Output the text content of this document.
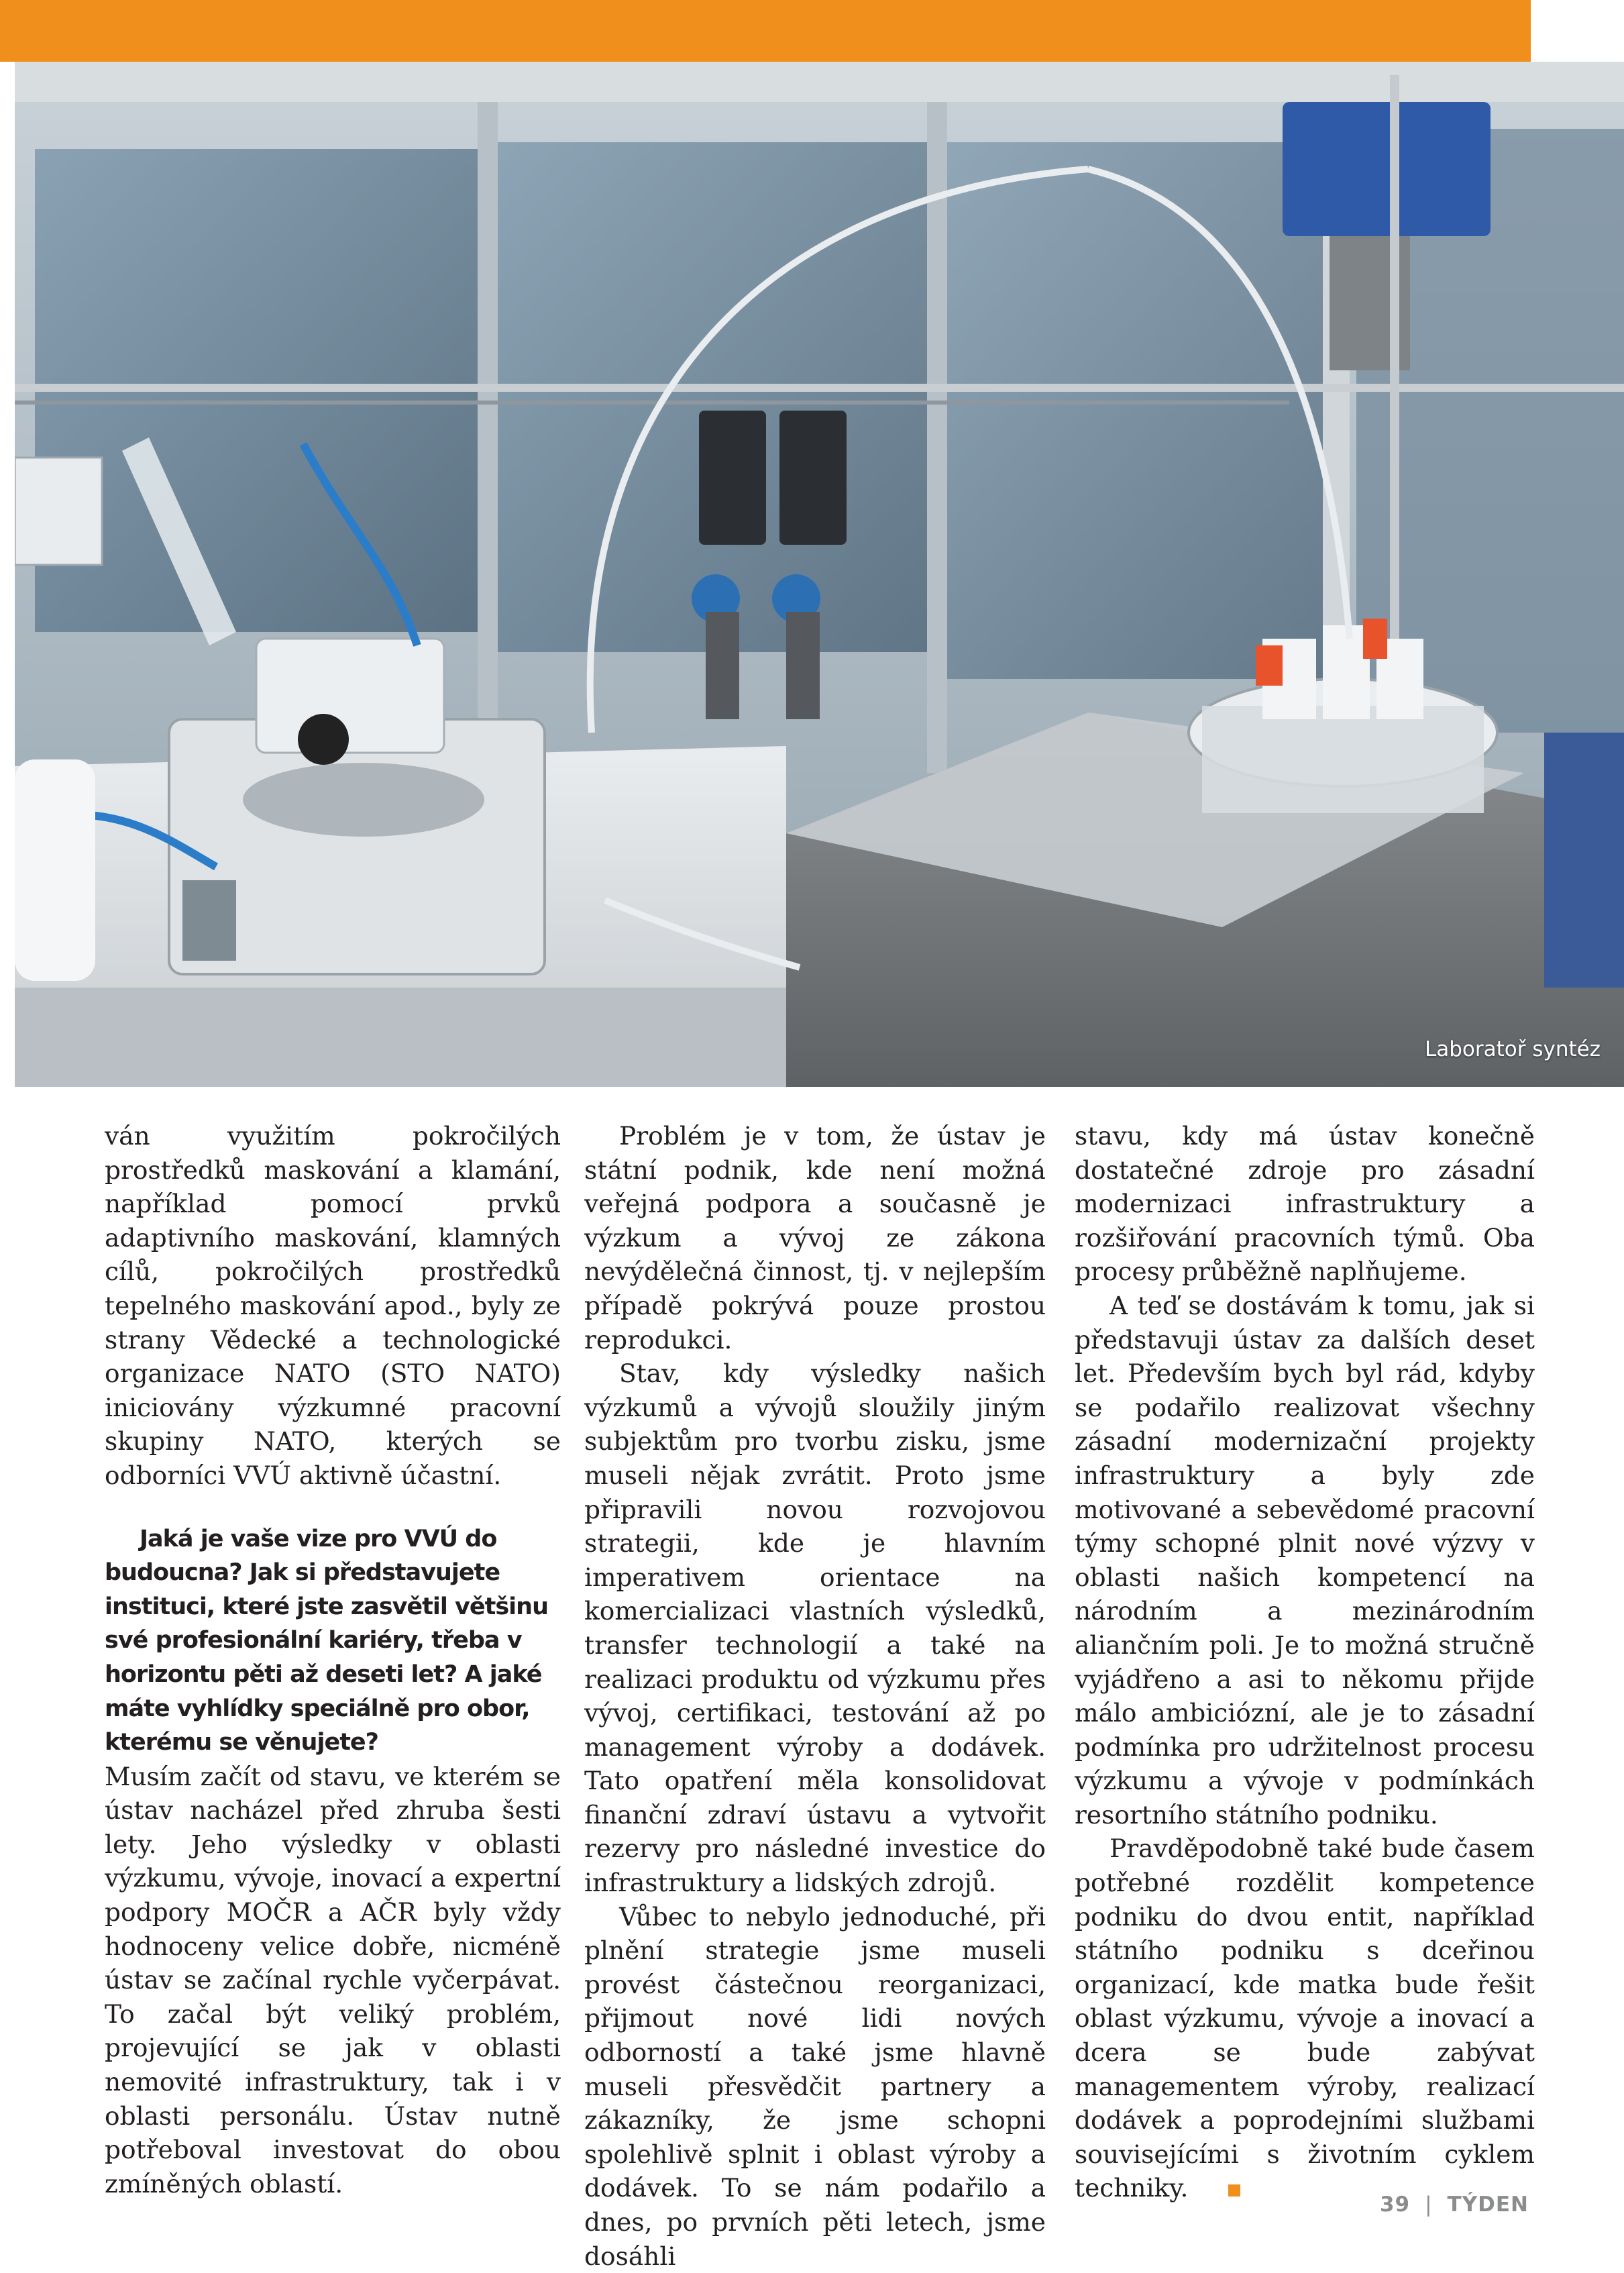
Laboratoř syntéz

ván využitím pokročilých prostředků maskování a klamání, například pomocí prvků adaptivního maskování, klamných cílů, pokročilých prostředků tepelného maskování apod., byly ze strany Vědecké a technologické organizace NATO (STO NATO) iniciovány výzkumné pracovní skupiny NATO, kterých se odborníci VVÚ aktivně účastní.

Jaká je vaše vize pro VVÚ do budoucna? Jak si představujete instituci, které jste zasvětil většinu své profesionální kariéry, třeba v horizontu pěti až deseti let? A jaké máte vyhlídky speciálně pro obor, kterému se věnujete?

Musím začít od stavu, ve kterém se ústav nacházel před zhruba šesti lety. Jeho výsledky v oblasti výzkumu, vývoje, inovací a expertní podpory MOČR a AČR byly vždy hodnoceny velice dobře, nicméně ústav se začínal rychle vyčerpávat. To začal být veliký problém, projevující se jak v oblasti nemovité infrastruktury, tak i v oblasti personálu. Ústav nutně potřeboval investovat do obou zmíněných oblastí.

Problém je v tom, že ústav je státní podnik, kde není možná veřejná podpora a současně je výzkum a vývoj ze zákona nevýdělečná činnost, tj. v nejlepším případě pokrývá pouze prostou reprodukci.

Stav, kdy výsledky našich výzkumů a vývojů sloužily jiným subjektům pro tvorbu zisku, jsme museli nějak zvrátit. Proto jsme připravili novou rozvojovou strategii, kde je hlavním imperativem orientace na komercializaci vlastních výsledků, transfer technologií a také na realizaci produktu od výzkumu přes vývoj, certifikaci, testování až po management výroby a dodávek. Tato opatření měla konsolidovat finanční zdraví ústavu a vytvořit rezervy pro následné investice do infrastruktury a lidských zdrojů.

Vůbec to nebylo jednoduché, při plnění strategie jsme museli provést částečnou reorganizaci, přijmout nové lidi nových odborností a také jsme hlavně museli přesvědčit partnery a zákazníky, že jsme schopni spolehlivě splnit i oblast výroby a dodávek. To se nám podařilo a dnes, po prvních pěti letech, jsme dosáhli

stavu, kdy má ústav konečně dostatečné zdroje pro zásadní modernizaci infrastruktury a rozšiřování pracovních týmů. Oba procesy průběžně naplňujeme.

A teď se dostávám k tomu, jak si představuji ústav za dalších deset let. Především bych byl rád, kdyby se podařilo realizovat všechny zásadní modernizační projekty infrastruktury a byly zde motivované a sebevědomé pracovní týmy schopné plnit nové výzvy v oblasti našich kompetencí na národním a mezinárodním aliančním poli. Je to možná stručně vyjádřeno a asi to někomu přijde málo ambiciózní, ale je to zásadní podmínka pro udržitelnost procesu výzkumu a vývoje v podmínkách resortního státního podniku.

Pravděpodobně také bude časem potřebné rozdělit kompetence podniku do dvou entit, například státního podniku s dceřinou organizací, kde matka bude řešit oblast výzkumu, vývoje a inovací a dcera se bude zabývat managementem výroby, realizací dodávek a poprodejními službami souvisejícími s životním cyklem techniky.

39 | TÝDEN
